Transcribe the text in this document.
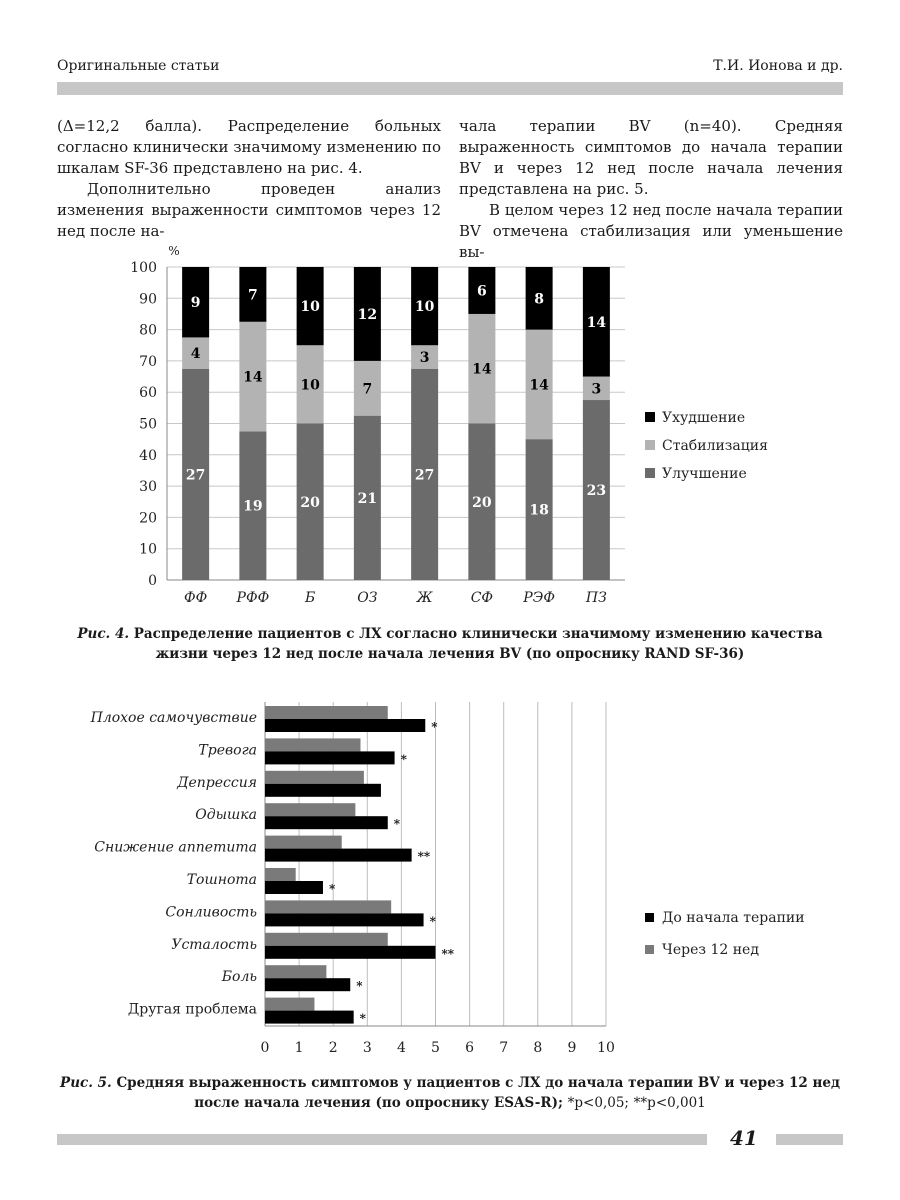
Оригинальные статьи	Т.И. Ионова и др.

(Δ=12,2 балла). Распределение больных согласно клинически значимому изменению по шкалам SF-36 представлено на рис. 4.

Дополнительно проведен анализ изменения выраженности симптомов через 12 нед после на-

чала терапии BV (n=40). Средняя выраженность симптомов до начала терапии BV и через 12 нед после начала лечения представлена на рис. 5.

В целом через 12 нед после начала терапии BV отмечена стабилизация или уменьшение вы-

0
10
20
30
40
50
60
70
80
90
100
%
27
4
9
ФФ
19
14
7
РФФ
20
10
10
Б
21
7
12
ОЗ
27
3
10
Ж
20
14
6
СФ
18
14
8
РЭФ
23
3
14
ПЗ
Ухудшение
Стабилизация
Улучшение
Рис. 4. Распределение пациентов с ЛХ согласно клинически значимому изменению качества жизни через 12 нед после начала лечения BV (по опроснику RAND SF-36)
0 1 2 3 4 5 6 7 8 9 10
*
Плохое самочувствие
*
Тревога
Депрессия
*
Одышка
**
Снижение аппетита
*
Тошнота
*
Сонливость
**
Усталость
*
Боль
*
Другая проблема
До начала терапии
Через 12 нед
Рис. 5. Средняя выраженность симптомов у пациентов с ЛХ до начала терапии BV и через 12 нед после начала лечения (по опроснику ESAS-R); *p<0,05; **p<0,001
41
